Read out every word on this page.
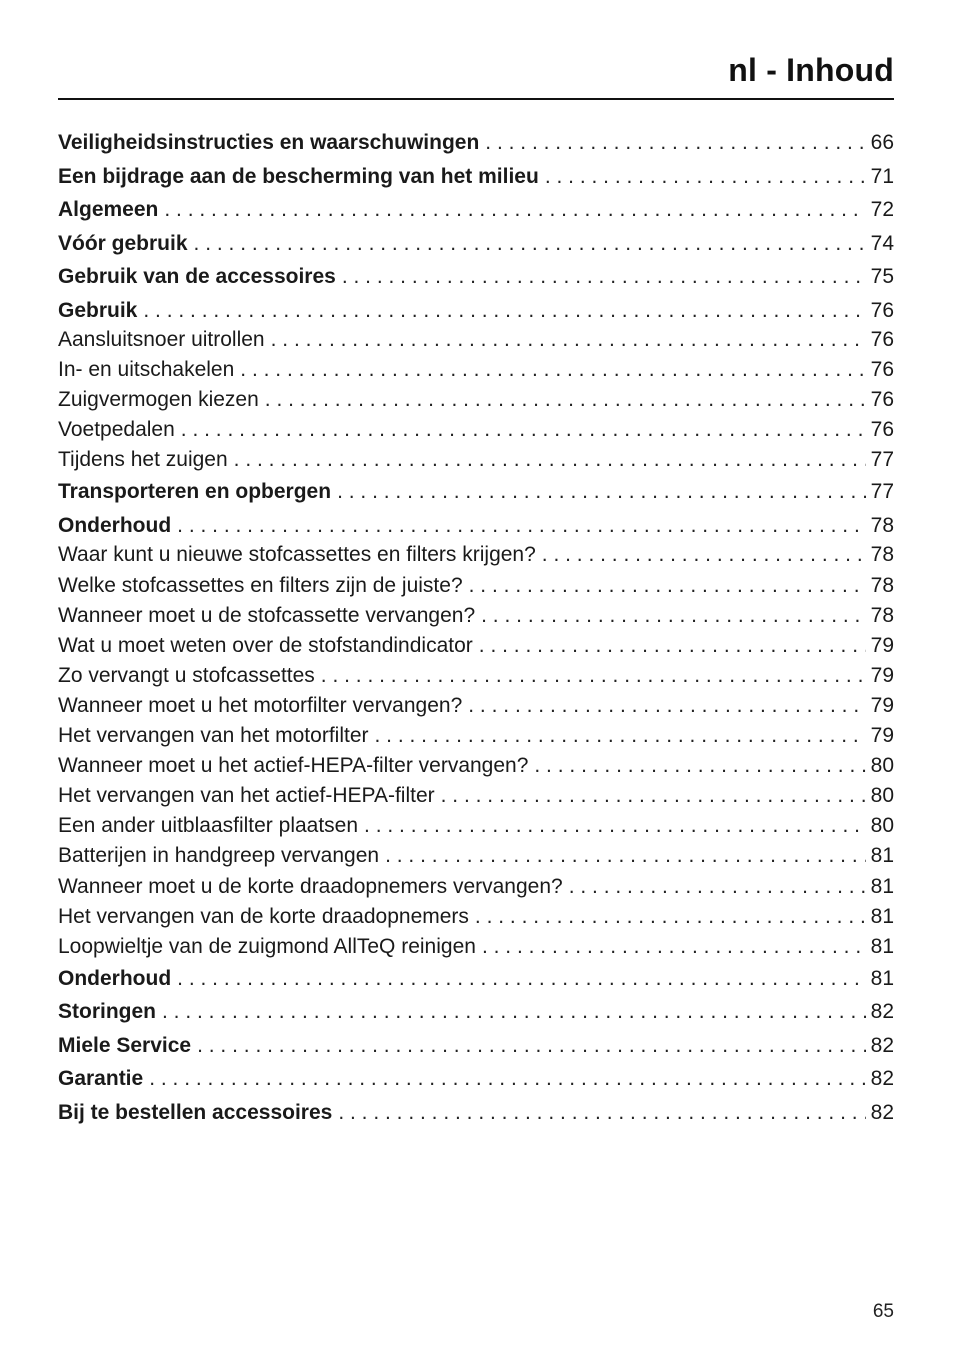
nl - Inhoud
Veiligheidsinstructies en waarschuwingen . . .	66
Een bijdrage aan de bescherming van het milieu . . .	71
Algemeen . . .	72
Vóór gebruik . . .	74
Gebruik van de accessoires . . .	75
Gebruik . . .	76
Aansluitsnoer uitrollen . . .	76
In- en uitschakelen . . .	76
Zuigvermogen kiezen . . .	76
Voetpedalen . . .	76
Tijdens het zuigen . . .	77
Transporteren en opbergen . . .	77
Onderhoud . . .	78
Waar kunt u nieuwe stofcassettes en filters krijgen? . . .	78
Welke stofcassettes en filters zijn de juiste? . . .	78
Wanneer moet u de stofcassette vervangen? . . .	78
Wat u moet weten over de stofstandindicator . . .	79
Zo vervangt u stofcassettes . . .	79
Wanneer moet u het motorfilter vervangen? . . .	79
Het vervangen van het motorfilter . . .	79
Wanneer moet u het actief-HEPA-filter vervangen? . . .	80
Het vervangen van het actief-HEPA-filter . . .	80
Een ander uitblaasfilter plaatsen . . .	80
Batterijen in handgreep vervangen . . .	81
Wanneer moet u de korte draadopnemers vervangen? . . .	81
Het vervangen van de korte draadopnemers . . .	81
Loopwieltje van de zuigmond AllTeQ reinigen . . .	81
Onderhoud . . .	81
Storingen . . .	82
Miele Service . . .	82
Garantie . . .	82
Bij te bestellen accessoires . . .	82
65
